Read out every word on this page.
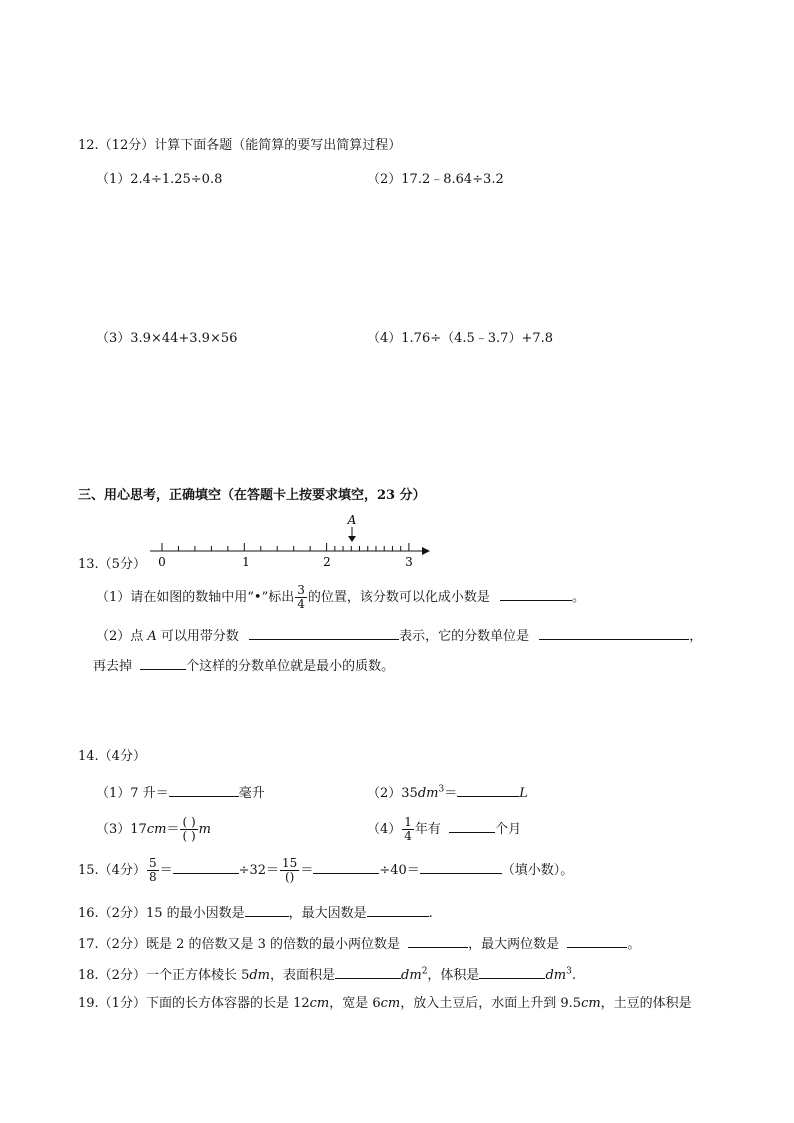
12.（12分）计算下面各题（能简算的要写出简算过程）
（1）2.4÷1.25÷0.8	（2）17.2﹣8.64÷3.2
（3）3.9×44+3.9×56	（4）1.76÷（4.5﹣3.7）+7.8
三、用心思考，正确填空（在答题卡上按要求填空，23 分）
13.（5分）
A
0	1	2	3
（1）请在如图的数轴中用“•”标出 $\frac{3}{4}$ 的位置，该分数可以化成小数是	。
（2）点 A 可以用带分数	表示，它的分数单位是	，
再去掉	个这样的分数单位就是最小的质数。
14.（4分）
（1）7 升＝	毫升	$(2)35dm^3=$	L
$(3)17cm= \frac{( )}{( )}$ m	$(4) \frac{1}{4}$ 年有	个月
15.（4分） $\frac{5}{8}$ ＝	$\div 32= \frac{15}{()}$ ＝	÷40＝	（填小数）。
16.（2分）15 的最小因数是	，最大因数是	.
17.（2分）既是 2 的倍数又是 3 的倍数的最小两位数是	，最大两位数是	。
18.（2分）一个正方体棱长 5dm，表面积是	$dm^2$，体积是	$dm^3$.
19.（1分）下面的长方体容器的长是 12cm，宽是 6cm，放入土豆后，水面上升到 9.5cm，土豆的体积是
